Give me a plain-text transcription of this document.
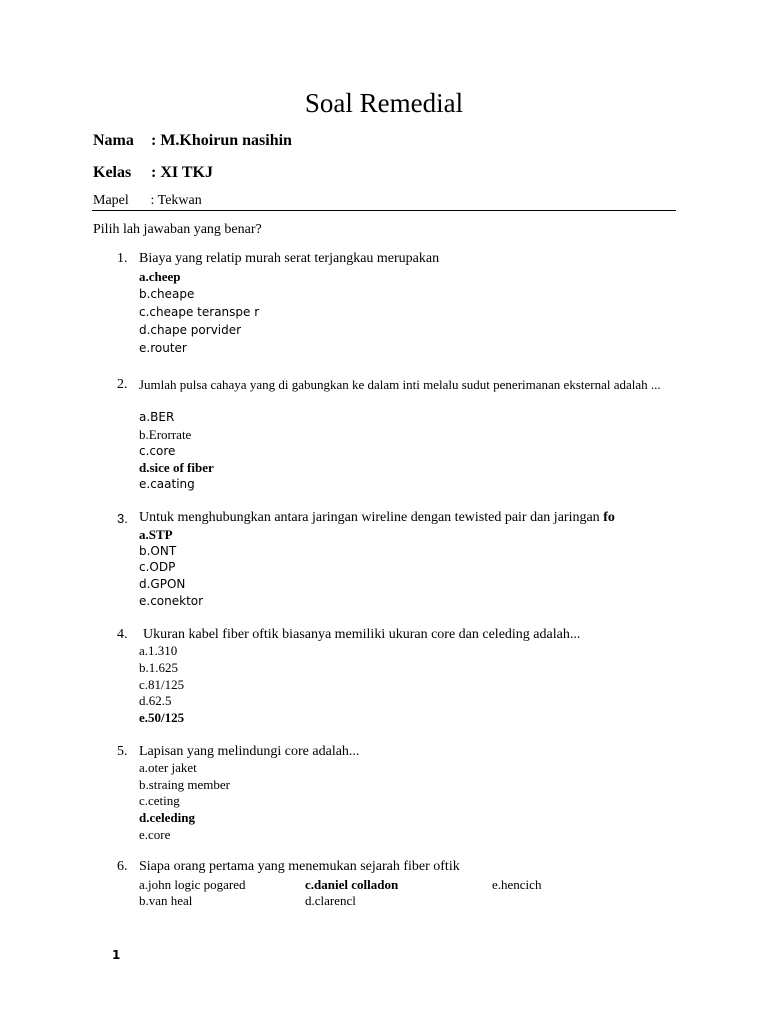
Soal Remedial
Nama : M.Khoirun nasihin
Kelas : XI TKJ
Mapel : Tekwan
Pilih lah jawaban yang benar?
1. Biaya yang relatip murah serat terjangkau merupakan
a.cheep
b.cheape
c.cheape teranspe r
d.chape porvider
e.router
2. Jumlah pulsa cahaya yang di gabungkan ke dalam inti melalu sudut penerimanan eksternal adalah ...
a.BER
b.Erorrate
c.core
d.sice of fiber
e.caating
3. Untuk menghubungkan antara jaringan wireline dengan tewisted pair dan jaringan fo
a.STP
b.ONT
c.ODP
d.GPON
e.conektor
4. Ukuran kabel fiber oftik biasanya memiliki ukuran core dan celeding adalah...
a.1.310
b.1.625
c.81/125
d.62.5
e.50/125
5. Lapisan yang melindungi core adalah...
a.oter jaket
b.straing member
c.ceting
d.celeding
e.core
6. Siapa orang pertama yang menemukan sejarah fiber oftik
a.john logic pogared	c.daniel colladon	e.hencich
b.van heal	d.clarencl
1
